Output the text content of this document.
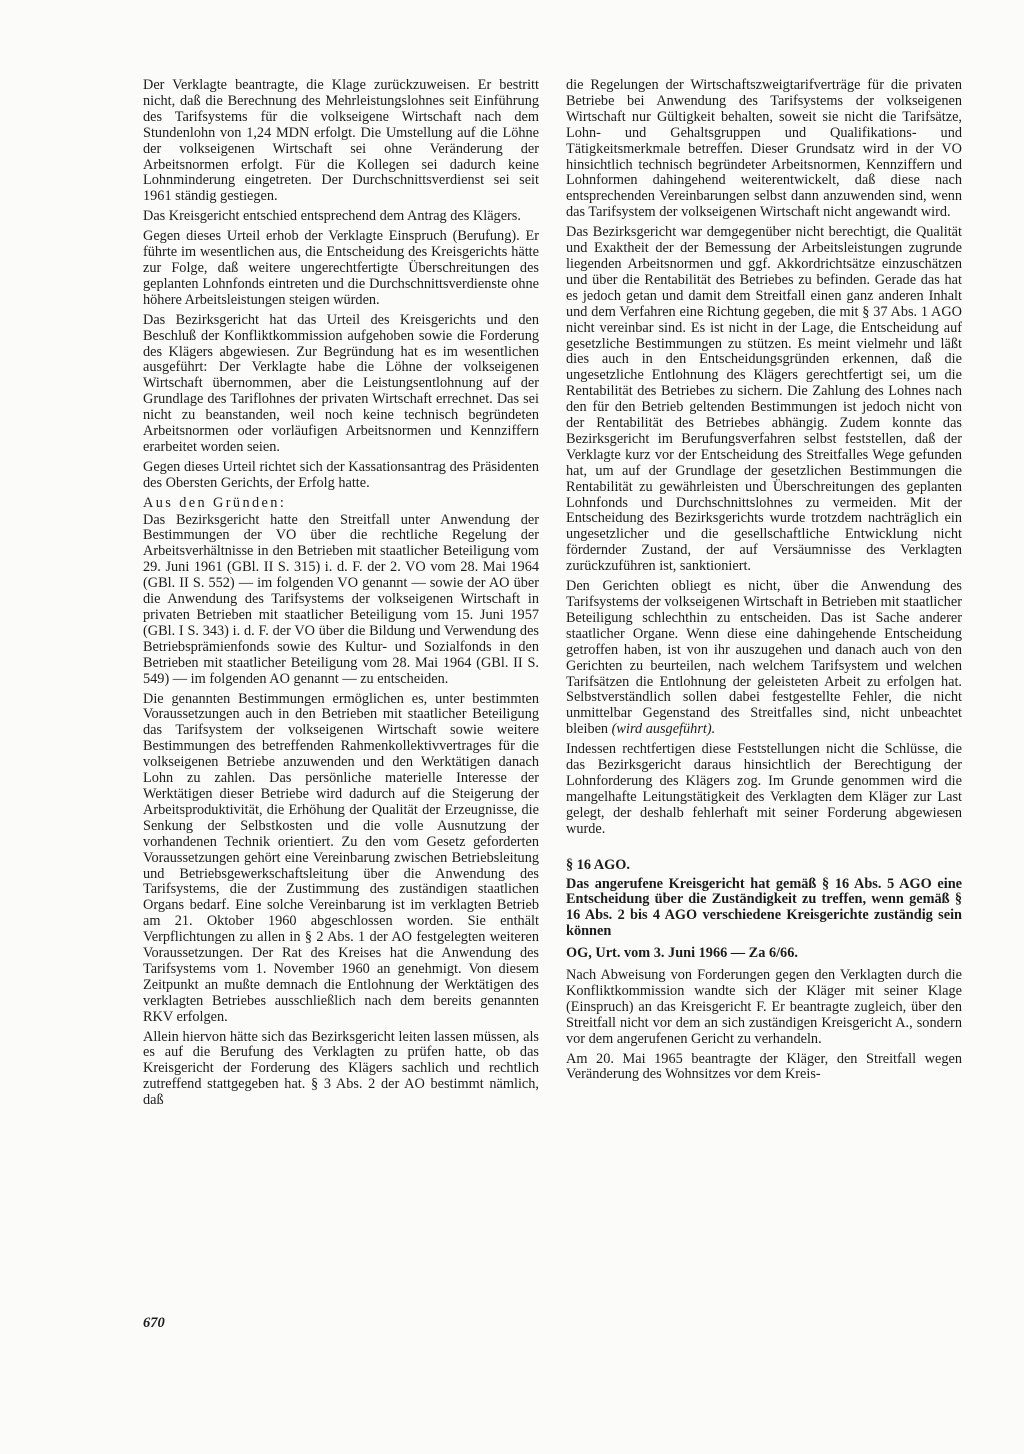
Der Verklagte beantragte, die Klage zurückzuweisen. Er bestritt nicht, daß die Berechnung des Mehrleistungslohnes seit Einführung des Tarifsystems für die volkseigene Wirtschaft nach dem Stundenlohn von 1,24 MDN erfolgt. Die Umstellung auf die Löhne der volkseigenen Wirtschaft sei ohne Veränderung der Arbeitsnormen erfolgt. Für die Kollegen sei dadurch keine Lohnminderung eingetreten. Der Durchschnittsverdienst sei seit 1961 ständig gestiegen.

Das Kreisgericht entschied entsprechend dem Antrag des Klägers.

Gegen dieses Urteil erhob der Verklagte Einspruch (Berufung). Er führte im wesentlichen aus, die Entscheidung des Kreisgerichts hätte zur Folge, daß weitere ungerechtfertigte Überschreitungen des geplanten Lohnfonds eintreten und die Durchschnittsverdienste ohne höhere Arbeitsleistungen steigen würden.

Das Bezirksgericht hat das Urteil des Kreisgerichts und den Beschluß der Konfliktkommission aufgehoben sowie die Forderung des Klägers abgewiesen. Zur Begründung hat es im wesentlichen ausgeführt: Der Verklagte habe die Löhne der volkseigenen Wirtschaft übernommen, aber die Leistungsentlohnung auf der Grundlage des Tariflohnes der privaten Wirtschaft errechnet. Das sei nicht zu beanstanden, weil noch keine technisch begründeten Arbeitsnormen oder vorläufigen Arbeitsnormen und Kennziffern erarbeitet worden seien.

Gegen dieses Urteil richtet sich der Kassationsantrag des Präsidenten des Obersten Gerichts, der Erfolg hatte.

Aus den Gründen:

Das Bezirksgericht hatte den Streitfall unter Anwendung der Bestimmungen der VO über die rechtliche Regelung der Arbeitsverhältnisse in den Betrieben mit staatlicher Beteiligung vom 29. Juni 1961 (GBl. II S. 315) i. d. F. der 2. VO vom 28. Mai 1964 (GBl. II S. 552) — im folgenden VO genannt — sowie der AO über die Anwendung des Tarifsystems der volkseigenen Wirtschaft in privaten Betrieben mit staatlicher Beteiligung vom 15. Juni 1957 (GBl. I S. 343) i. d. F. der VO über die Bildung und Verwendung des Betriebsprämienfonds sowie des Kultur- und Sozialfonds in den Betrieben mit staatlicher Beteiligung vom 28. Mai 1964 (GBl. II S. 549) — im folgenden AO genannt — zu entscheiden.

Die genannten Bestimmungen ermöglichen es, unter bestimmten Voraussetzungen auch in den Betrieben mit staatlicher Beteiligung das Tarifsystem der volkseigenen Wirtschaft sowie weitere Bestimmungen des betreffenden Rahmenkollektivvertrages für die volkseigenen Betriebe anzuwenden und den Werktätigen danach Lohn zu zahlen. Das persönliche materielle Interesse der Werktätigen dieser Betriebe wird dadurch auf die Steigerung der Arbeitsproduktivität, die Erhöhung der Qualität der Erzeugnisse, die Senkung der Selbstkosten und die volle Ausnutzung der vorhandenen Technik orientiert. Zu den vom Gesetz geforderten Voraussetzungen gehört eine Vereinbarung zwischen Betriebsleitung und Betriebsgewerkschaftsleitung über die Anwendung des Tarifsystems, die der Zustimmung des zuständigen staatlichen Organs bedarf. Eine solche Vereinbarung ist im verklagten Betrieb am 21. Oktober 1960 abgeschlossen worden. Sie enthält Verpflichtungen zu allen in § 2 Abs. 1 der AO festgelegten weiteren Voraussetzungen. Der Rat des Kreises hat die Anwendung des Tarifsystems vom 1. November 1960 an genehmigt. Von diesem Zeitpunkt an mußte demnach die Entlohnung der Werktätigen des verklagten Betriebes ausschließlich nach dem bereits genannten RKV erfolgen.

Allein hiervon hätte sich das Bezirksgericht leiten lassen müssen, als es auf die Berufung des Verklagten zu prüfen hatte, ob das Kreisgericht der Forderung des Klägers sachlich und rechtlich zutreffend stattgegeben hat. § 3 Abs. 2 der AO bestimmt nämlich, daß

die Regelungen der Wirtschaftszweigtarifverträge für die privaten Betriebe bei Anwendung des Tarifsystems der volkseigenen Wirtschaft nur Gültigkeit behalten, soweit sie nicht die Tarifsätze, Lohn- und Gehaltsgruppen und Qualifikations- und Tätigkeitsmerkmale betreffen. Dieser Grundsatz wird in der VO hinsichtlich technisch begründeter Arbeitsnormen, Kennziffern und Lohnformen dahingehend weiterentwickelt, daß diese nach entsprechenden Vereinbarungen selbst dann anzuwenden sind, wenn das Tarifsystem der volkseigenen Wirtschaft nicht angewandt wird.

Das Bezirksgericht war demgegenüber nicht berechtigt, die Qualität und Exaktheit der der Bemessung der Arbeitsleistungen zugrunde liegenden Arbeitsnormen und ggf. Akkordrichtsätze einzuschätzen und über die Rentabilität des Betriebes zu befinden. Gerade das hat es jedoch getan und damit dem Streitfall einen ganz anderen Inhalt und dem Verfahren eine Richtung gegeben, die mit § 37 Abs. 1 AGO nicht vereinbar sind. Es ist nicht in der Lage, die Entscheidung auf gesetzliche Bestimmungen zu stützen. Es meint vielmehr und läßt dies auch in den Entscheidungsgründen erkennen, daß die ungesetzliche Entlohnung des Klägers gerechtfertigt sei, um die Rentabilität des Betriebes zu sichern. Die Zahlung des Lohnes nach den für den Betrieb geltenden Bestimmungen ist jedoch nicht von der Rentabilität des Betriebes abhängig. Zudem konnte das Bezirksgericht im Berufungsverfahren selbst feststellen, daß der Verklagte kurz vor der Entscheidung des Streitfalles Wege gefunden hat, um auf der Grundlage der gesetzlichen Bestimmungen die Rentabilität zu gewährleisten und Überschreitungen des geplanten Lohnfonds und Durchschnittslohnes zu vermeiden. Mit der Entscheidung des Bezirksgerichts wurde trotzdem nachträglich ein ungesetzlicher und die gesellschaftliche Entwicklung nicht fördernder Zustand, der auf Versäumnisse des Verklagten zurückzuführen ist, sanktioniert.

Den Gerichten obliegt es nicht, über die Anwendung des Tarifsystems der volkseigenen Wirtschaft in Betrieben mit staatlicher Beteiligung schlechthin zu entscheiden. Das ist Sache anderer staatlicher Organe. Wenn diese eine dahingehende Entscheidung getroffen haben, ist von ihr auszugehen und danach auch von den Gerichten zu beurteilen, nach welchem Tarifsystem und welchen Tarifsätzen die Entlohnung der geleisteten Arbeit zu erfolgen hat. Selbstverständlich sollen dabei festgestellte Fehler, die nicht unmittelbar Gegenstand des Streitfalles sind, nicht unbeachtet bleiben (wird ausgeführt).

Indessen rechtfertigen diese Feststellungen nicht die Schlüsse, die das Bezirksgericht daraus hinsichtlich der Berechtigung der Lohnforderung des Klägers zog. Im Grunde genommen wird die mangelhafte Leitungstätigkeit des Verklagten dem Kläger zur Last gelegt, der deshalb fehlerhaft mit seiner Forderung abgewiesen wurde.

§ 16 AGO.

Das angerufene Kreisgericht hat gemäß § 16 Abs. 5 AGO eine Entscheidung über die Zuständigkeit zu treffen, wenn gemäß § 16 Abs. 2 bis 4 AGO verschiedene Kreisgerichte zuständig sein können

OG, Urt. vom 3. Juni 1966 — Za 6/66.

Nach Abweisung von Forderungen gegen den Verklagten durch die Konfliktkommission wandte sich der Kläger mit seiner Klage (Einspruch) an das Kreisgericht F. Er beantragte zugleich, über den Streitfall nicht vor dem an sich zuständigen Kreisgericht A., sondern vor dem angerufenen Gericht zu verhandeln.

Am 20. Mai 1965 beantragte der Kläger, den Streitfall wegen Veränderung des Wohnsitzes vor dem Kreis-

670
